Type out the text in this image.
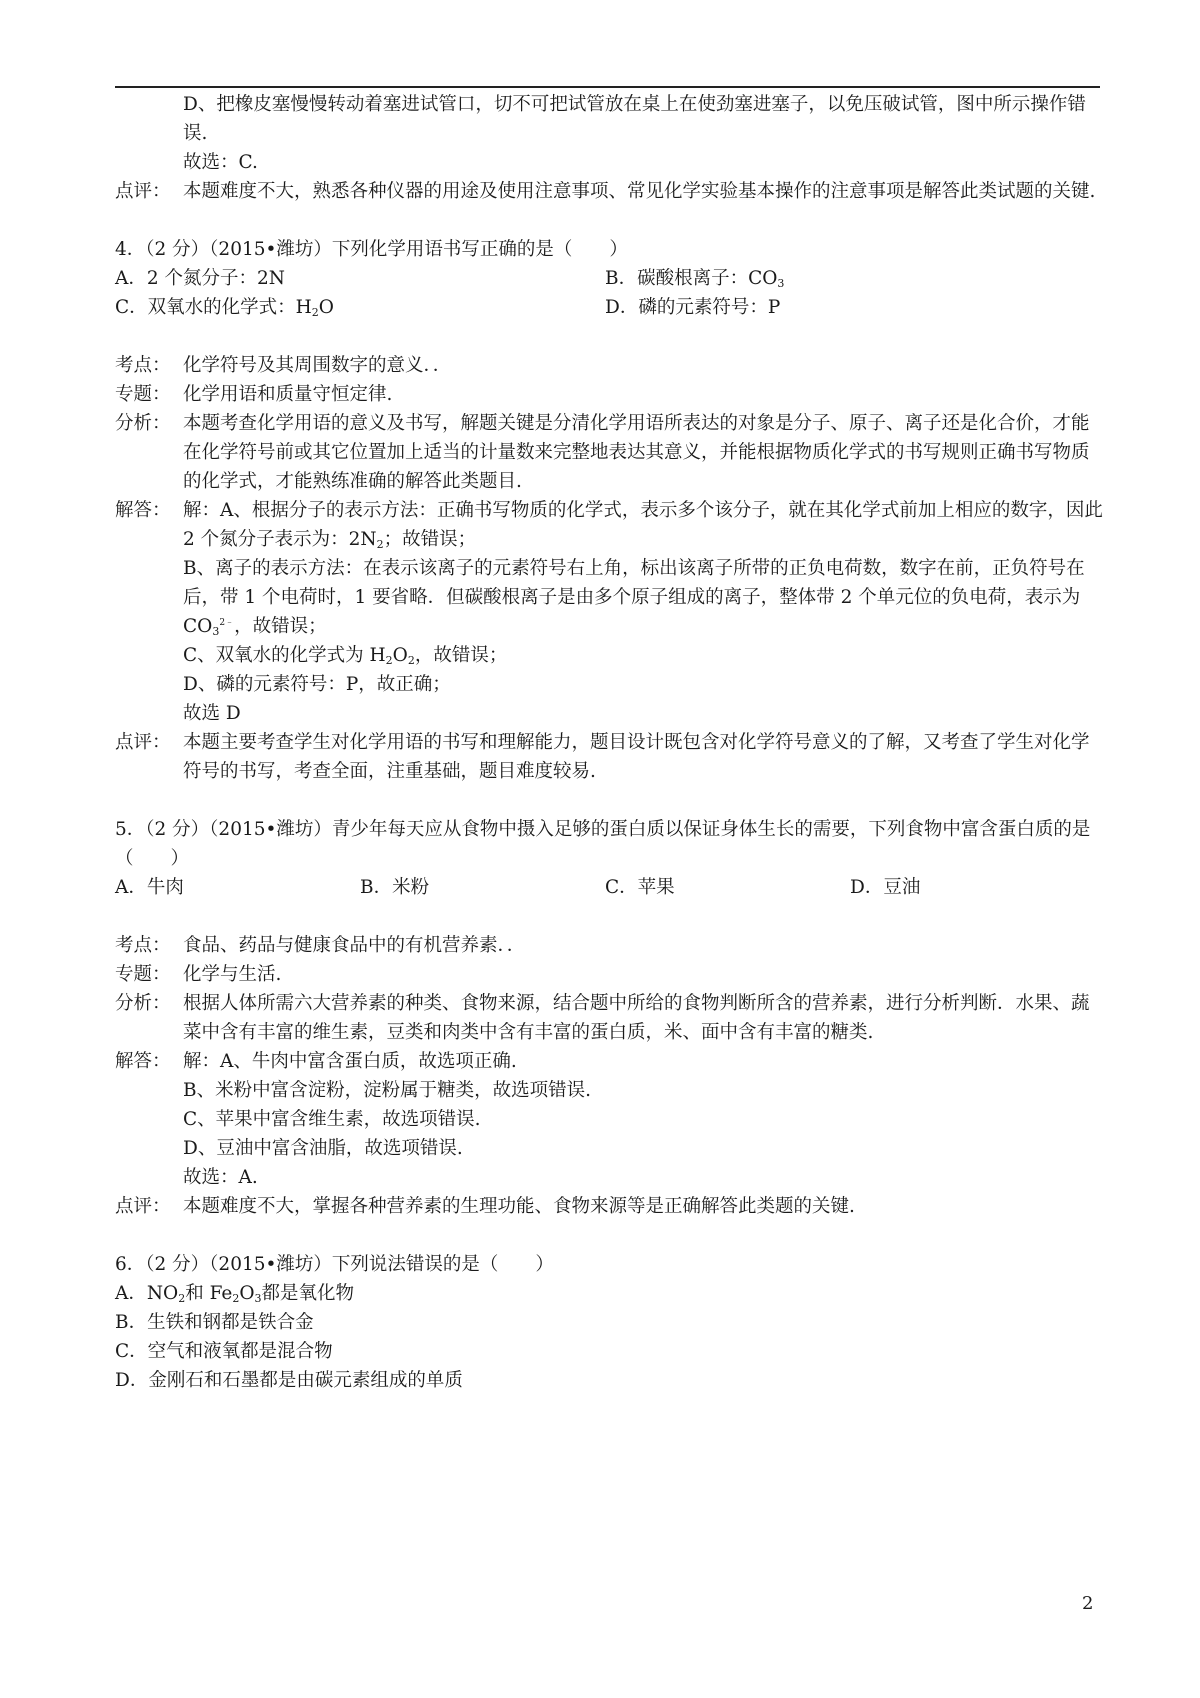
D、把橡皮塞慢慢转动着塞进试管口，切不可把试管放在桌上在使劲塞进塞子，以免压破试管，图中所示操作错误.
故选：C.
点评： 本题难度不大，熟悉各种仪器的用途及使用注意事项、常见化学实验基本操作的注意事项是解答此类试题的关键.
4．（2 分）（2015•潍坊）下列化学用语书写正确的是（　　）
A．2 个氮分子：2N	B．碳酸根离子：$CO_3$
C．双氧水的化学式：$H_2O$	D．磷的元素符号：P
考点： 化学符号及其周围数字的意义．．
专题： 化学用语和质量守恒定律.
分析： 本题考查化学用语的意义及书写，解题关键是分清化学用语所表达的对象是分子、原子、离子还是化合价，才能在化学符号前或其它位置加上适当的计量数来完整地表达其意义，并能根据物质化学式的书写规则正确书写物质的化学式，才能熟练准确的解答此类题目.
解答： 解：A、根据分子的表示方法：正确书写物质的化学式，表示多个该分子，就在其化学式前加上相应的数字，因此 2 个氮分子表示为：$2N_2$；故错误；
B、离子的表示方法：在表示该离子的元素符号右上角，标出该离子所带的正负电荷数，数字在前，正负符号在后，带 1 个电荷时，1 要省略．但碳酸根离子是由多个原子组成的离子，整体带 2 个单元位的负电荷，表示为 $CO_3^{2﹣}$，故错误；
C、双氧水的化学式为 $H_2O_2$，故错误；
D、磷的元素符号：P，故正确；
故选 D
点评： 本题主要考查学生对化学用语的书写和理解能力，题目设计既包含对化学符号意义的了解，又考查了学生对化学符号的书写，考查全面，注重基础，题目难度较易.
5．（2 分）（2015•潍坊）青少年每天应从食物中摄入足够的蛋白质以保证身体生长的需要，下列食物中富含蛋白质的是（　　）
A．牛肉	B．米粉	C．苹果	D．豆油
考点： 食品、药品与健康食品中的有机营养素．．
专题： 化学与生活.
分析： 根据人体所需六大营养素的种类、食物来源，结合题中所给的食物判断所含的营养素，进行分析判断．水果、蔬菜中含有丰富的维生素，豆类和肉类中含有丰富的蛋白质，米、面中含有丰富的糖类.
解答： 解：A、牛肉中富含蛋白质，故选项正确.
B、米粉中富含淀粉，淀粉属于糖类，故选项错误.
C、苹果中富含维生素，故选项错误.
D、豆油中富含油脂，故选项错误.
故选：A.
点评： 本题难度不大，掌握各种营养素的生理功能、食物来源等是正确解答此类题的关键.
6．（2 分）（2015•潍坊）下列说法错误的是（　　）
A．$NO_2$和 $Fe_2O_3$都是氧化物
B．生铁和钢都是铁合金
C．空气和液氧都是混合物
D．金刚石和石墨都是由碳元素组成的单质
2
